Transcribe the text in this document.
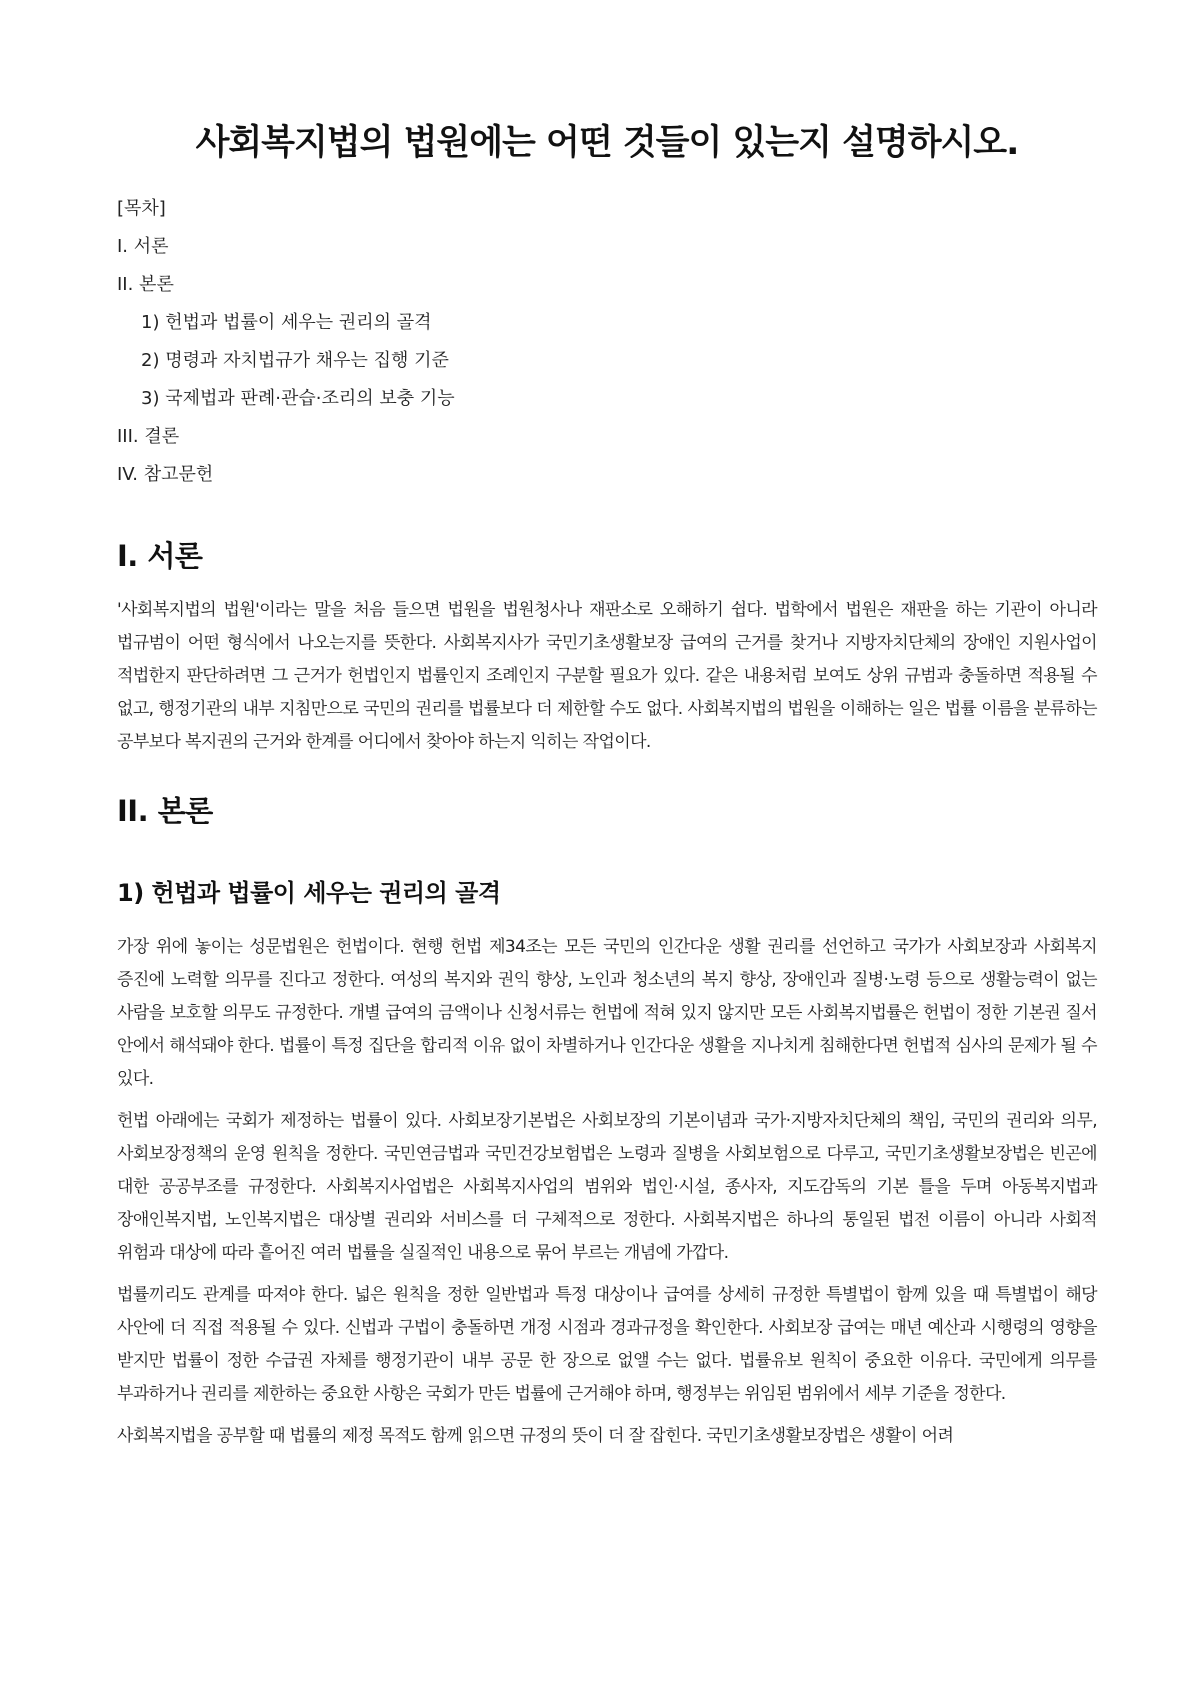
사회복지법의 법원에는 어떤 것들이 있는지 설명하시오.
[목차]
I. 서론
II. 본론
1) 헌법과 법률이 세우는 권리의 골격
2) 명령과 자치법규가 채우는 집행 기준
3) 국제법과 판례·관습·조리의 보충 기능
III. 결론
IV. 참고문헌
I. 서론

'사회복지법의 법원'이라는 말을 처음 들으면 법원을 법원청사나 재판소로 오해하기 쉽다. 법학에서 법원은 재판을 하는 기관이 아니라 법규범이 어떤 형식에서 나오는지를 뜻한다. 사회복지사가 국민기초생활보장 급여의 근거를 찾거나 지방자치단체의 장애인 지원사업이 적법한지 판단하려면 그 근거가 헌법인지 법률인지 조례인지 구분할 필요가 있다. 같은 내용처럼 보여도 상위 규범과 충돌하면 적용될 수 없고, 행정기관의 내부 지침만으로 국민의 권리를 법률보다 더 제한할 수도 없다. 사회복지법의 법원을 이해하는 일은 법률 이름을 분류하는 공부보다 복지권의 근거와 한계를 어디에서 찾아야 하는지 익히는 작업이다.

II. 본론
1) 헌법과 법률이 세우는 권리의 골격

가장 위에 놓이는 성문법원은 헌법이다. 현행 헌법 제34조는 모든 국민의 인간다운 생활 권리를 선언하고 국가가 사회보장과 사회복지 증진에 노력할 의무를 진다고 정한다. 여성의 복지와 권익 향상, 노인과 청소년의 복지 향상, 장애인과 질병·노령 등으로 생활능력이 없는 사람을 보호할 의무도 규정한다. 개별 급여의 금액이나 신청서류는 헌법에 적혀 있지 않지만 모든 사회복지법률은 헌법이 정한 기본권 질서 안에서 해석돼야 한다. 법률이 특정 집단을 합리적 이유 없이 차별하거나 인간다운 생활을 지나치게 침해한다면 헌법적 심사의 문제가 될 수 있다.

헌법 아래에는 국회가 제정하는 법률이 있다. 사회보장기본법은 사회보장의 기본이념과 국가·지방자치단체의 책임, 국민의 권리와 의무, 사회보장정책의 운영 원칙을 정한다. 국민연금법과 국민건강보험법은 노령과 질병을 사회보험으로 다루고, 국민기초생활보장법은 빈곤에 대한 공공부조를 규정한다. 사회복지사업법은 사회복지사업의 범위와 법인·시설, 종사자, 지도감독의 기본 틀을 두며 아동복지법과 장애인복지법, 노인복지법은 대상별 권리와 서비스를 더 구체적으로 정한다. 사회복지법은 하나의 통일된 법전 이름이 아니라 사회적 위험과 대상에 따라 흩어진 여러 법률을 실질적인 내용으로 묶어 부르는 개념에 가깝다.

법률끼리도 관계를 따져야 한다. 넓은 원칙을 정한 일반법과 특정 대상이나 급여를 상세히 규정한 특별법이 함께 있을 때 특별법이 해당 사안에 더 직접 적용될 수 있다. 신법과 구법이 충돌하면 개정 시점과 경과규정을 확인한다. 사회보장 급여는 매년 예산과 시행령의 영향을 받지만 법률이 정한 수급권 자체를 행정기관이 내부 공문 한 장으로 없앨 수는 없다. 법률유보 원칙이 중요한 이유다. 국민에게 의무를 부과하거나 권리를 제한하는 중요한 사항은 국회가 만든 법률에 근거해야 하며, 행정부는 위임된 범위에서 세부 기준을 정한다.

사회복지법을 공부할 때 법률의 제정 목적도 함께 읽으면 규정의 뜻이 더 잘 잡힌다. 국민기초생활보장법은 생활이 어려
